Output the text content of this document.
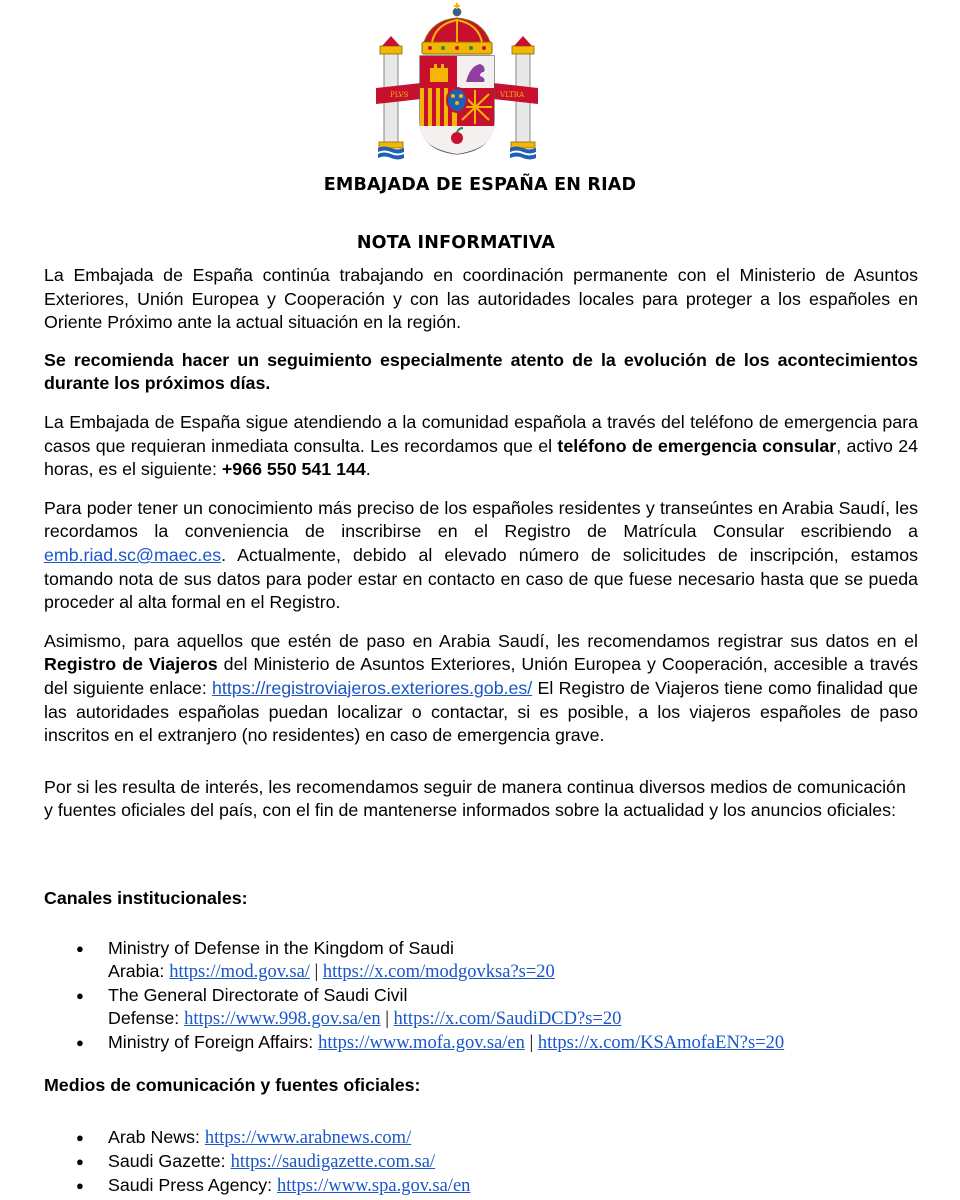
PLVS	VLTRA
EMBAJADA DE ESPAÑA EN RIAD
NOTA INFORMATIVA

La Embajada de España continúa trabajando en coordinación permanente con el Ministerio de Asuntos Exteriores, Unión Europea y Cooperación y con las autoridades locales para proteger a los españoles en Oriente Próximo ante la actual situación en la región.

Se recomienda hacer un seguimiento especialmente atento de la evolución de los acontecimientos durante los próximos días.

La Embajada de España sigue atendiendo a la comunidad española a través del teléfono de emergencia para casos que requieran inmediata consulta. Les recordamos que el teléfono de emergencia consular, activo 24 horas, es el siguiente: +966 550 541 144.

Para poder tener un conocimiento más preciso de los españoles residentes y transeúntes en Arabia Saudí, les recordamos la conveniencia de inscribirse en el Registro de Matrícula Consular escribiendo a emb.riad.sc@maec.es. Actualmente, debido al elevado número de solicitudes de inscripción, estamos tomando nota de sus datos para poder estar en contacto en caso de que fuese necesario hasta que se pueda proceder al alta formal en el Registro.

Asimismo, para aquellos que estén de paso en Arabia Saudí, les recomendamos registrar sus datos en el Registro de Viajeros del Ministerio de Asuntos Exteriores, Unión Europea y Cooperación, accesible a través del siguiente enlace: https://registroviajeros.exteriores.gob.es/ El Registro de Viajeros tiene como finalidad que las autoridades españolas puedan localizar o contactar, si es posible, a los viajeros españoles de paso inscritos en el extranjero (no residentes) en caso de emergencia grave.

Por si les resulta de interés, les recomendamos seguir de manera continua diversos medios de comunicación y fuentes oficiales del país, con el fin de mantenerse informados sobre la actualidad y los anuncios oficiales:

Canales institucionales:
● Ministry of Defense in the Kingdom of Saudi
Arabia: https://mod.gov.sa/ | https://x.com/modgovksa?s=20
● The General Directorate of Saudi Civil
Defense: https://www.998.gov.sa/en | https://x.com/SaudiDCD?s=20
● Ministry of Foreign Affairs: https://www.mofa.gov.sa/en | https://x.com/KSAmofaEN?s=20
Medios de comunicación y fuentes oficiales:
● Arab News: https://www.arabnews.com/
● Saudi Gazette: https://saudigazette.com.sa/
● Saudi Press Agency: https://www.spa.gov.sa/en
